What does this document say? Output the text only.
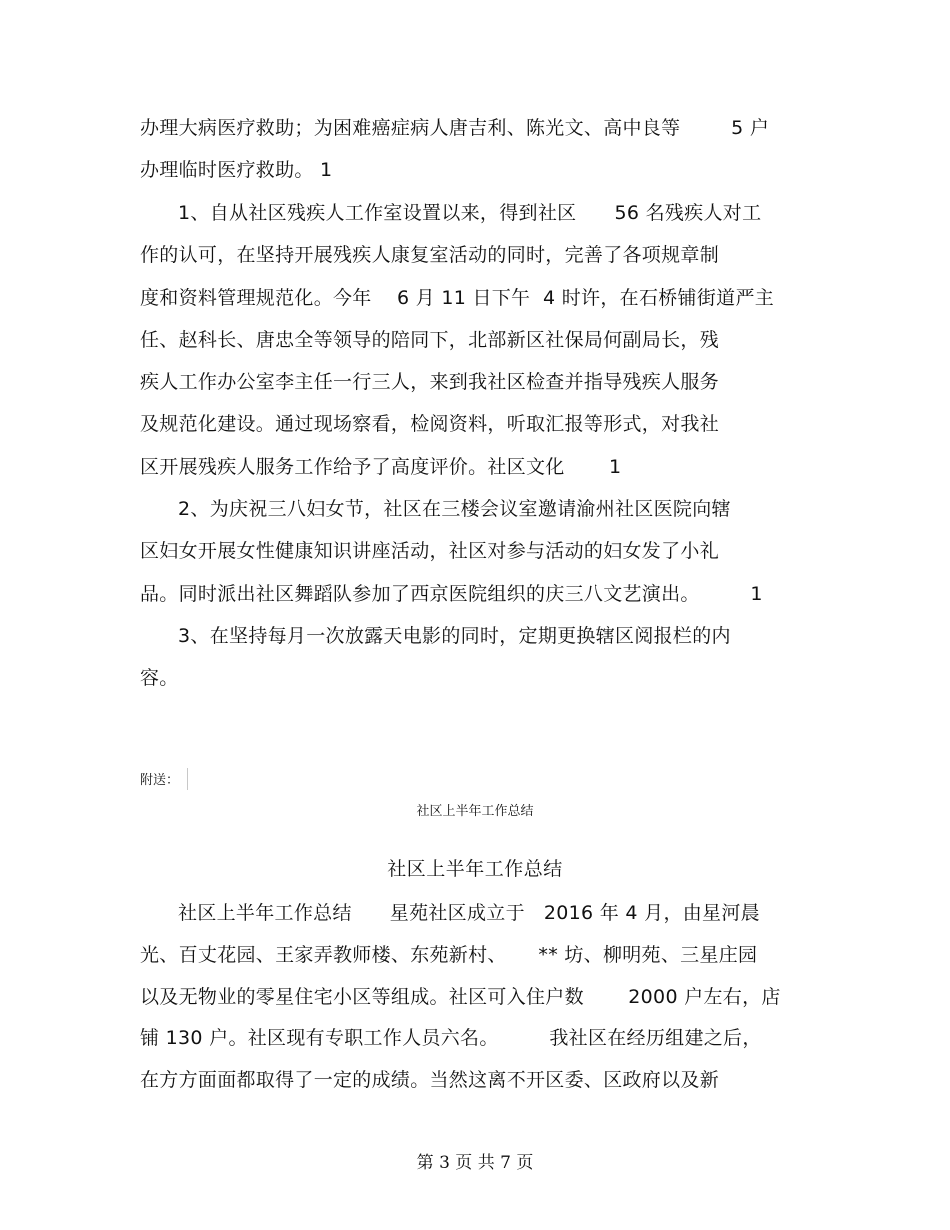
办理大病医疗救助；为困难癌症病人唐吉利、陈光文、高中良等        5 户
办理临时医疗救助。 1
1、自从社区残疾人工作室设置以来，得到社区      56 名残疾人对工
作的认可，在坚持开展残疾人康复室活动的同时，完善了各项规章制
度和资料管理规范化。今年    6 月 11 日下午  4 时许，在石桥铺街道严主
任、赵科长、唐忠全等领导的陪同下，北部新区社保局何副局长，残
疾人工作办公室李主任一行三人，来到我社区检查并指导残疾人服务
及规范化建设。通过现场察看，检阅资料，听取汇报等形式，对我社
区开展残疾人服务工作给予了高度评价。社区文化       1
2、为庆祝三八妇女节，社区在三楼会议室邀请渝州社区医院向辖
区妇女开展女性健康知识讲座活动，社区对参与活动的妇女发了小礼
品。同时派出社区舞蹈队参加了西京医院组织的庆三八文艺演出。        1
3、在坚持每月一次放露天电影的同时，定期更换辖区阅报栏的内
容。
附送：
社区上半年工作总结
社区上半年工作总结
社区上半年工作总结      星苑社区成立于   2016 年 4 月，由星河晨
光、百丈花园、王家弄教师楼、东苑新村、     ** 坊、柳明苑、三星庄园
以及无物业的零星住宅小区等组成。社区可入住户数       2000 户左右，店
铺 130 户。社区现有专职工作人员六名。        我社区在经历组建之后，
在方方面面都取得了一定的成绩。当然这离不开区委、区政府以及新
第 3 页 共 7 页
